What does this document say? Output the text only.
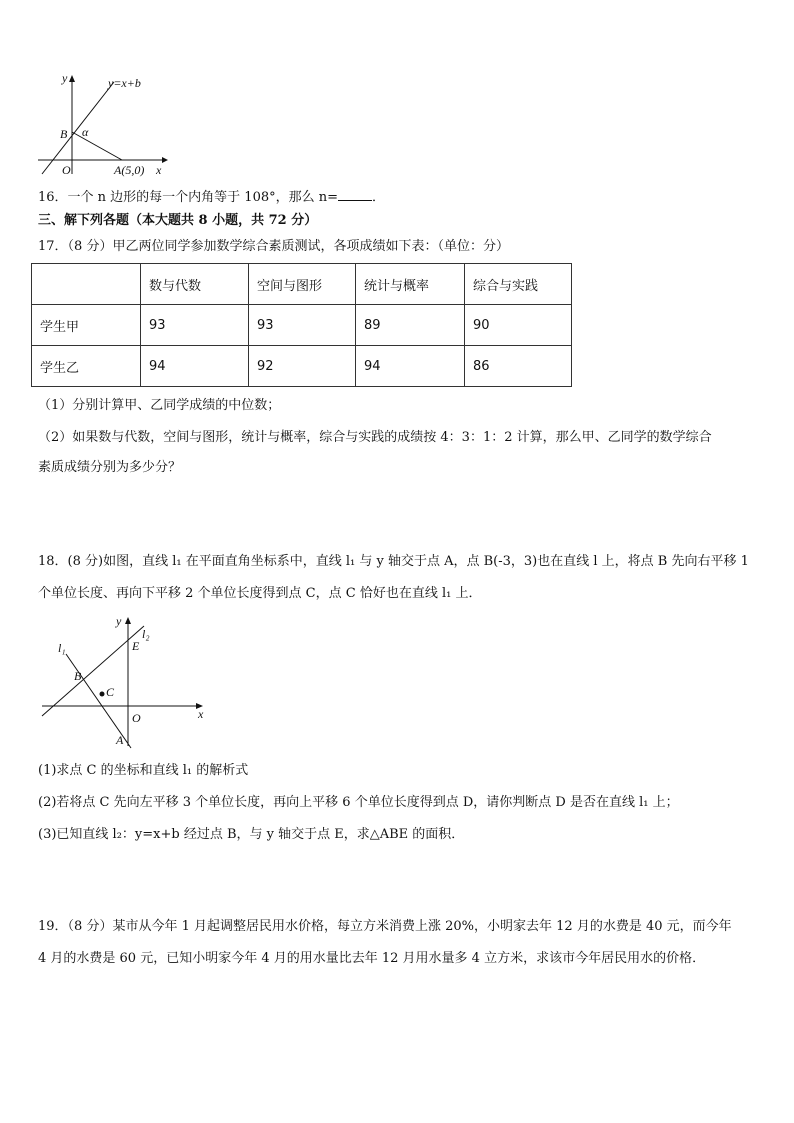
y	y=x+b
B α
O	A(5,0) x
16．一个 n 边形的每一个内角等于 108°，那么 n=	．
三、解下列各题（本大题共 8 小题，共 72 分）
17．（8 分）甲乙两位同学参加数学综合素质测试，各项成绩如下表：（单位：分）
	数与代数	空间与图形	统计与概率	综合与实践
学生甲	93	93	89	90
学生乙	94	92	94	86
（1）分别计算甲、乙同学成绩的中位数；
（2）如果数与代数，空间与图形，统计与概率，综合与实践的成绩按 4：3：1：2 计算，那么甲、乙同学的数学综合
素质成绩分别为多少分？
18．(8 分)如图，直线 l₁ 在平面直角坐标系中，直线 l₁ 与 y 轴交于点 A，点 B(-3，3)也在直线 l 上，将点 B 先向右平移 1
个单位长度、再向下平移 2 个单位长度得到点 C，点 C 恰好也在直线 l₁ 上．
y
l₂
l₁	E
B
C
O	x
A
(1)求点 C 的坐标和直线 l₁ 的解析式
(2)若将点 C 先向左平移 3 个单位长度，再向上平移 6 个单位长度得到点 D，请你判断点 D 是否在直线 l₁ 上；
(3)已知直线 l₂：y=x+b 经过点 B，与 y 轴交于点 E，求△ABE 的面积．
19．（8 分）某市从今年 1 月起调整居民用水价格，每立方米消费上涨 20%，小明家去年 12 月的水费是 40 元，而今年
4 月的水费是 60 元，已知小明家今年 4 月的用水量比去年 12 月用水量多 4 立方米，求该市今年居民用水的价格．
